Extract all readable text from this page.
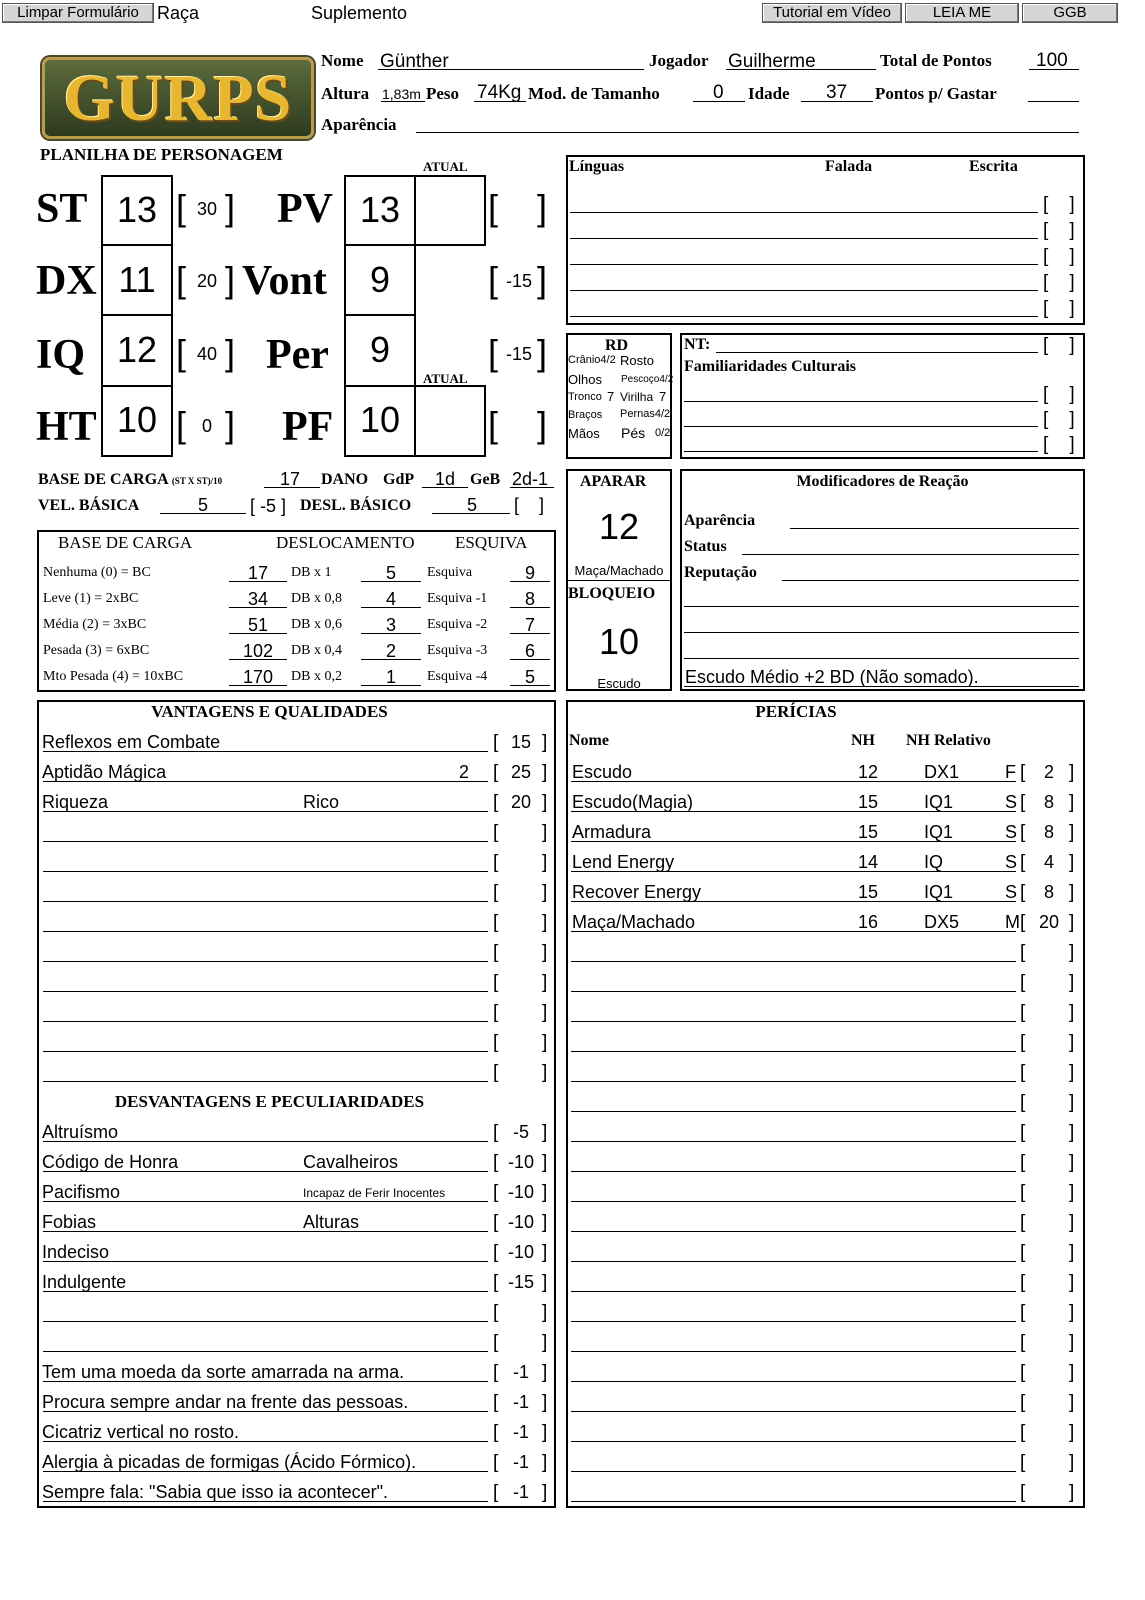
Limpar Formulário	Raça	Suplemento	Tutorial em Vídeo	LEIA ME	GGB
GURPS
PLANILHA DE PERSONAGEM
Nome Günther	Jogador Guilherme	Total de Pontos 100
Altura 1,83m Peso 74Kg Mod. de Tamanho	0 Idade 37 Pontos p/ Gastar
Aparência
ATUAL
ATUAL
ST 13 [ 30 ]
DX 11 [ 20 ]
IQ 12 [ 40 ]
HT 10 [ 0 ]
PV 13	[ ]
Vont	9	[ -15 ]
Per	9	[ -15 ]
PF 10	[ ]
BASE DE CARGA (ST X ST)/10	17 DANO GdP 1d GeB 2d-1
VEL. BÁSICA	5 [ -5 ] DESL. BÁSICO	5 [    ]
BASE DE CARGA	DESLOCAMENTO ESQUIVA
Nenhuma (0) = BC	17	DB x 1	5	Esquiva	9
Leve (1) = 2xBC	34	DB x 0,8	4	Esquiva -1	8
Média (2) = 3xBC	51	DB x 0,6	3	Esquiva -2	7
Pesada (3) = 6xBC	102	DB x 0,4	2	Esquiva -3	6
Mto Pesada (4) = 10xBC	170	DB x 0,2	1	Esquiva -4	5
Línguas	Falada	Escrita
[    ]
[    ]
[    ]
[    ]
[    ]
RD
Crânio4/2 Rosto
Olhos Pescoço4/2
Tronco 7 Virilha 7
Braços Pernas4/2
Mãos Pés 0/2
NT:	[    ]
Familiaridades Culturais
[    ]
[    ]
[    ]
APARAR
12
Maça/Machado
BLOQUEIO
10
Escudo
Modificadores de Reação
Aparência
Status
Reputação
Escudo Médio +2 BD (Não somado).
VANTAGENS E QUALIDADES
DESVANTAGENS E PECULIARIDADES
Reflexos em Combate	[ 15 ]
Aptidão Mágica	2 [ 25 ]
Riqueza	Rico	[ 20 ]
[ ]
[ ]
[ ]
[ ]
[ ]
[ ]
[ ]
[ ]
[ ]
Altruísmo	[ -5 ]
Código de Honra	Cavalheiros	[ -10 ]
Pacifismo	Incapaz de Ferir Inocentes	[ -10 ]
Fobias	Alturas	[ -10 ]
Indeciso	[ -10 ]
Indulgente	[ -15 ]
[ ]
[ ]
Tem uma moeda da sorte amarrada na arma.	[ -1 ]
Procura sempre andar na frente das pessoas.	[ -1 ]
Cicatriz vertical no rosto.	[ -1 ]
Alergia à picadas de formigas (Ácido Fórmico).	[ -1 ]
Sempre fala: "Sabia que isso ia acontecer".	[ -1 ]
PERÍCIAS
Nome	NH NH Relativo
Escudo	12	DX1	F [	2 ]
Escudo(Magia)	15	IQ1	S [	8 ]
Armadura	15	IQ1	S [	8 ]
Lend Energy	14	IQ	S [	4 ]
Recover Energy	15	IQ1	S [	8 ]
Maça/Machado	16	DX5	M [ 20 ]
[ ]
[ ]
[ ]
[ ]
[ ]
[ ]
[ ]
[ ]
[ ]
[ ]
[ ]
[ ]
[ ]
[ ]
[ ]
[ ]
[ ]
[ ]
[ ]
